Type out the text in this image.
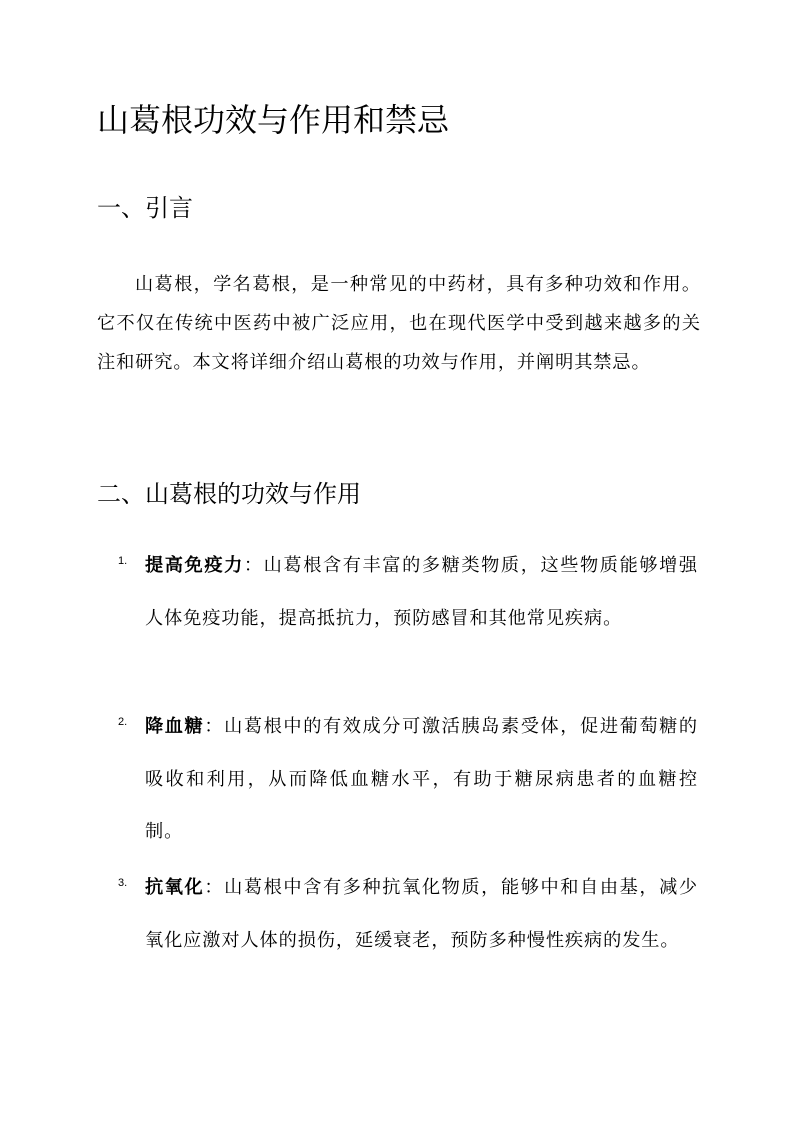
山葛根功效与作用和禁忌
一、引言

山葛根，学名葛根，是一种常见的中药材，具有多种功效和作用。它不仅在传统中医药中被广泛应用，也在现代医学中受到越来越多的关注和研究。本文将详细介绍山葛根的功效与作用，并阐明其禁忌。

二、山葛根的功效与作用
1. 提高免疫力：山葛根含有丰富的多糖类物质，这些物质能够增强人体免疫功能，提高抵抗力，预防感冒和其他常见疾病。
2. 降血糖：山葛根中的有效成分可激活胰岛素受体，促进葡萄糖的吸收和利用，从而降低血糖水平，有助于糖尿病患者的血糖控制。
3. 抗氧化：山葛根中含有多种抗氧化物质，能够中和自由基，减少氧化应激对人体的损伤，延缓衰老，预防多种慢性疾病的发生。
